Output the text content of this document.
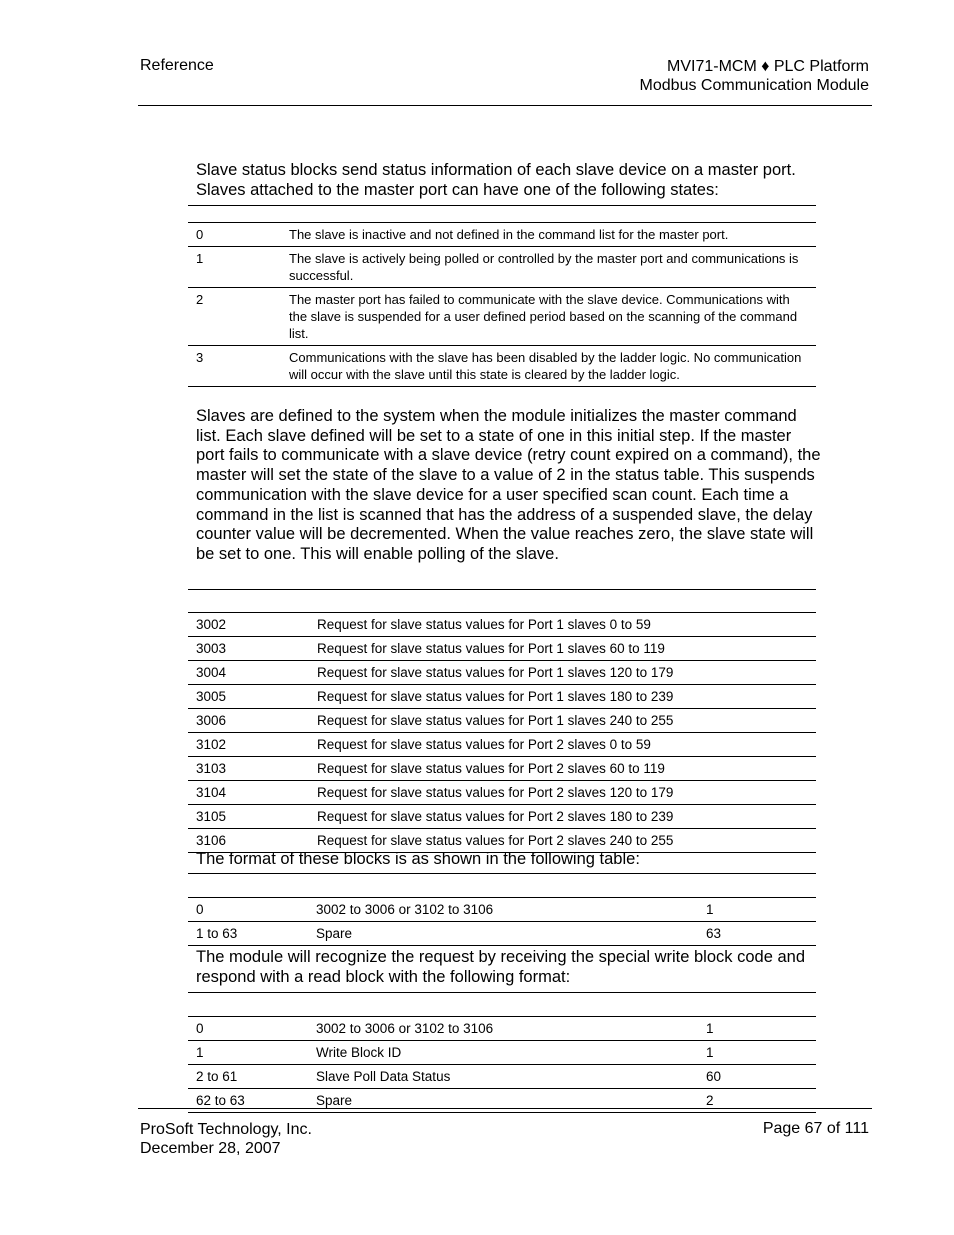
Reference	MVI71-MCM ♦ PLC Platform
Modbus Communication Module
Slave status blocks send status information of each slave device on a master port. Slaves attached to the master port can have one of the following states:

0	The slave is inactive and not defined in the command list for the master port.
1	The slave is actively being polled or controlled by the master port and communications is successful.
2	The master port has failed to communicate with the slave device. Communications with the slave is suspended for a user defined period based on the scanning of the command list.
3	Communications with the slave has been disabled by the ladder logic. No communication will occur with the slave until this state is cleared by the ladder logic.
Slaves are defined to the system when the module initializes the master command list. Each slave defined will be set to a state of one in this initial step. If the master port fails to communicate with a slave device (retry count expired on a command), the master will set the state of the slave to a value of 2 in the status table. This suspends communication with the slave device for a user specified scan count. Each time a command in the list is scanned that has the address of a suspended slave, the delay counter value will be decremented. When the value reaches zero, the slave state will be set to one. This will enable polling of the slave.

3002	Request for slave status values for Port 1 slaves 0 to 59
3003	Request for slave status values for Port 1 slaves 60 to 119
3004	Request for slave status values for Port 1 slaves 120 to 179
3005	Request for slave status values for Port 1 slaves 180 to 239
3006	Request for slave status values for Port 1 slaves 240 to 255
3102	Request for slave status values for Port 2 slaves 0 to 59
3103	Request for slave status values for Port 2 slaves 60 to 119
3104	Request for slave status values for Port 2 slaves 120 to 179
3105	Request for slave status values for Port 2 slaves 180 to 239
3106	Request for slave status values for Port 2 slaves 240 to 255
The format of these blocks is as shown in the following table:

0	3002 to 3006 or 3102 to 3106	1
1 to 63	Spare	63
The module will recognize the request by receiving the special write block code and respond with a read block with the following format:

0	3002 to 3006 or 3102 to 3106	1
1	Write Block ID	1
2 to 61	Slave Poll Data Status	60
62 to 63	Spare	2
ProSoft Technology, Inc.
December 28, 2007
Page 67 of 111
